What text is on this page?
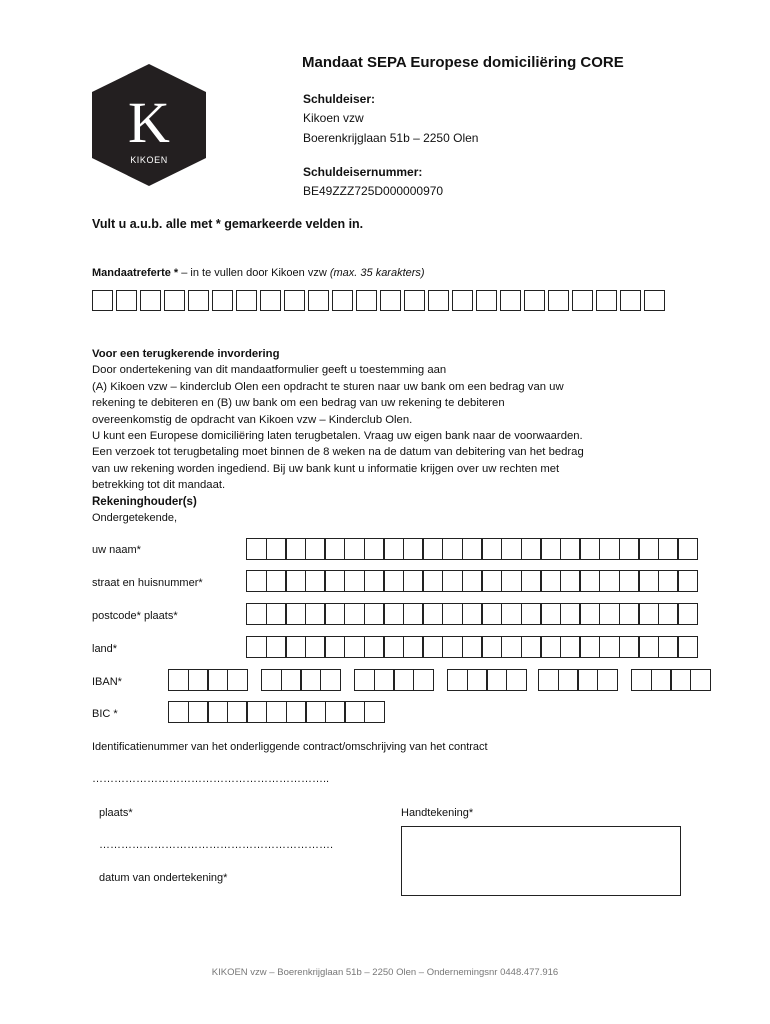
K
KIKOEN
Mandaat SEPA Europese domiciliëring CORE
Schuldeiser:
Kikoen vzw
Boerenkrijglaan 51b – 2250 Olen
Schuldeisernummer:
BE49ZZZ725D000000970
Vult u a.u.b. alle met * gemarkeerde velden in.
Mandaatreferte * – in te vullen door Kikoen vzw (max. 35 karakters)
Voor een terugkerende invordering
Door ondertekening van dit mandaatformulier geeft u toestemming aan
(A) Kikoen vzw – kinderclub Olen een opdracht te sturen naar uw bank om een bedrag van uw
rekening te debiteren en (B) uw bank om een bedrag van uw rekening te debiteren
overeenkomstig de opdracht van Kikoen vzw – Kinderclub Olen.
U kunt een Europese domiciliëring laten terugbetalen. Vraag uw eigen bank naar de voorwaarden.
Een verzoek tot terugbetaling moet binnen de 8 weken na de datum van debitering van het bedrag
van uw rekening worden ingediend. Bij uw bank kunt u informatie krijgen over uw rechten met
betrekking tot dit mandaat.
Rekeninghouder(s)
Ondergetekende,
uw naam*
straat en huisnummer*
postcode* plaats*
land*
IBAN*
BIC *
Identificatienummer van het onderliggende contract/omschrijving van het contract
………………………………………………………..
plaats*	Handtekening*
……………………………………………………….
datum van ondertekening*
KIKOEN vzw – Boerenkrijglaan 51b – 2250 Olen – Ondernemingsnr 0448.477.916
